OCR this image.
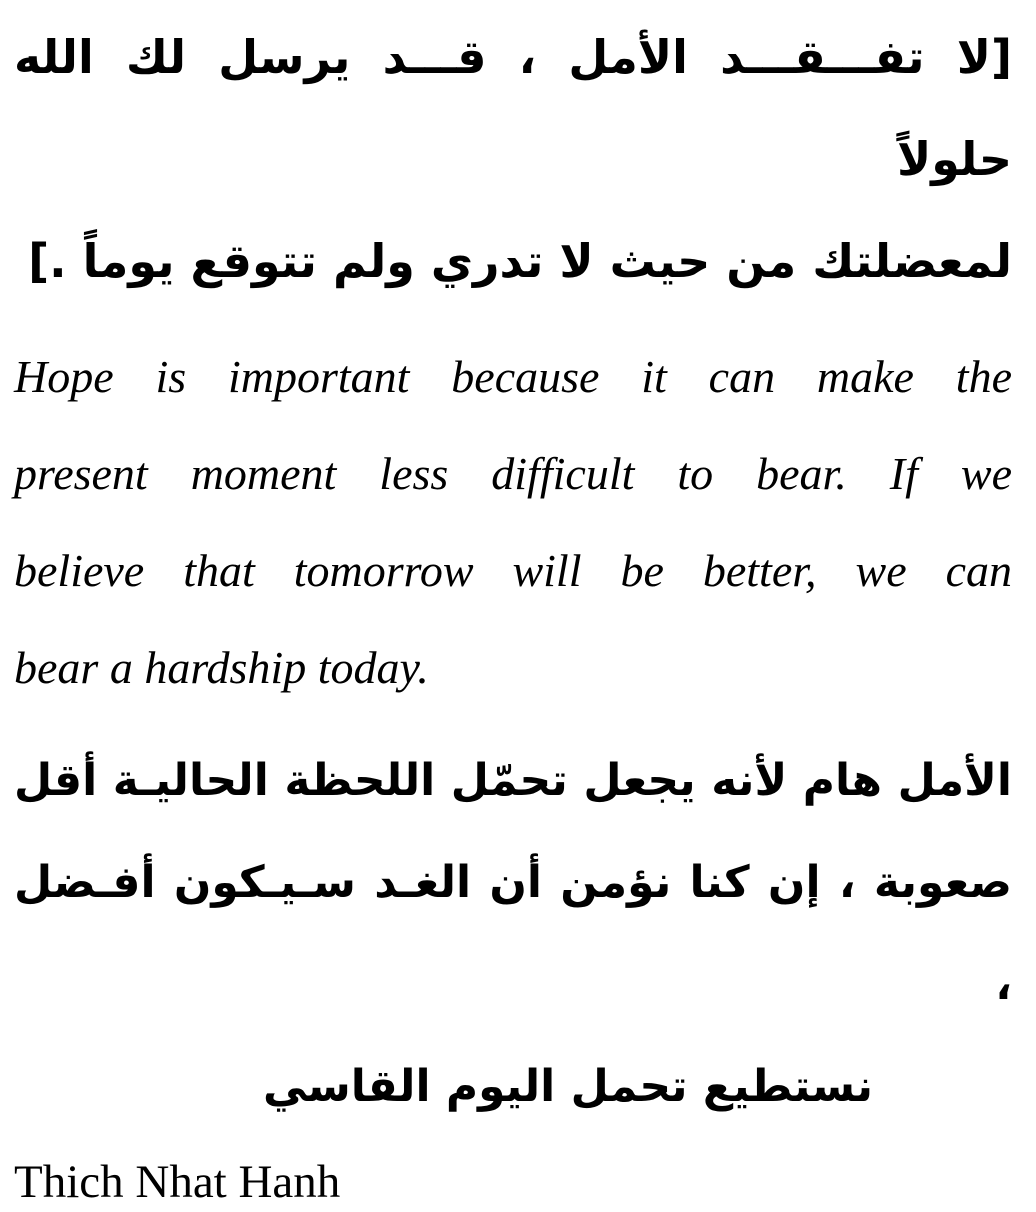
[لا تفـــقـــد الأمل ، قـــد يرسل لك الله حلولاً
لمعضلتك من حيث لا تدري ولم تتوقع يوماً .]
Hope is important because it can make the
present moment less difficult to bear. If we
believe that tomorrow will be better, we can
bear a hardship today.
الأمل هام لأنه يجعل تحمّل اللحظة الحاليـة أقل
صعوبة ، إن كنا نؤمن أن الغـد سـيـكون أفـضل ،
نستطيع تحمل اليوم القاسي
Thich Nhat Hanh
